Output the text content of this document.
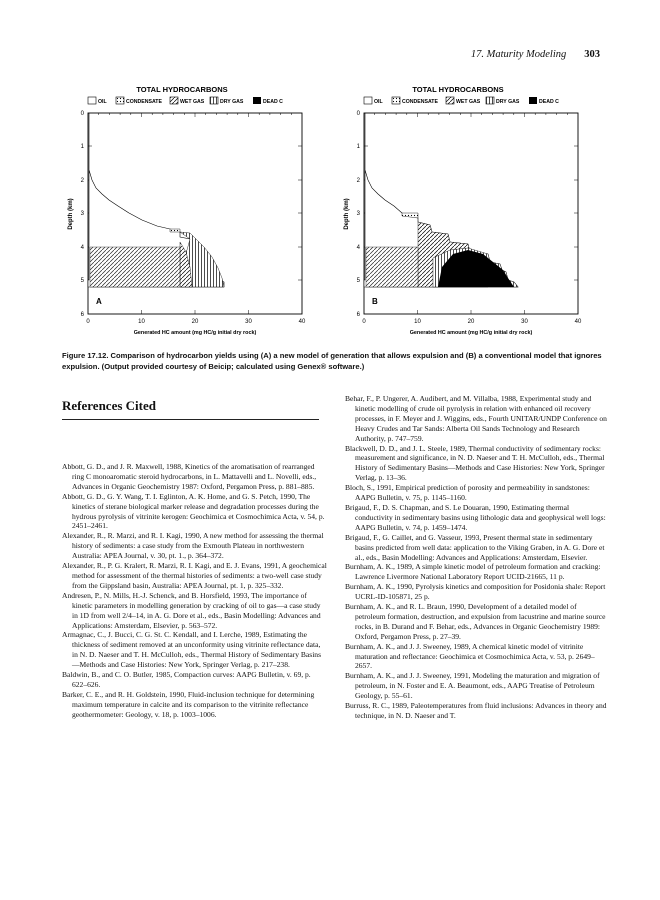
17. Maturity Modeling 303
TOTAL HYDROCARBONS
OIL	CONDENSATE	WET GAS	DRY GAS	DEAD C
A
0
1
2
3
4
5
6
0	10	20	30	40
Generated HC amount (mg HC/g initial dry rock)
Depth (km)
TOTAL HYDROCARBONS
OIL	CONDENSATE	WET GAS	DRY GAS	DEAD C
B
0
1
2
3
4
5
6
0	10	20	30	40
Generated HC amount (mg HC/g initial dry rock)
Depth (km)
Figure 17.12. Comparison of hydrocarbon yields using (A) a new model of generation that allows expulsion and (B) a conventional model that ignores expulsion. (Output provided courtesy of Beicip; calculated using Genex® software.)
References Cited
Abbott, G. D., and J. R. Maxwell, 1988, Kinetics of the aromatisation of rearranged ring C monoaromatic steroid hydrocarbons, in L. Mattavelli and L. Novelli, eds., Advances in Organic Geochemistry 1987: Oxford, Pergamon Press, p. 881–885.
Abbott, G. D., G. Y. Wang, T. I. Eglinton, A. K. Home, and G. S. Petch, 1990, The kinetics of sterane biological marker release and degradation processes during the hydrous pyrolysis of vitrinite kerogen: Geochimica et Cosmochimica Acta, v. 54, p. 2451–2461.
Alexander, R., R. Marzi, and R. I. Kagi, 1990, A new method for assessing the thermal history of sediments: a case study from the Exmouth Plateau in northwestern Australia: APEA Journal, v. 30, pt. 1., p. 364–372.
Alexander, R., P. G. Kralert, R. Marzi, R. I. Kagi, and E. J. Evans, 1991, A geochemical method for assessment of the thermal histories of sediments: a two-well case study from the Gippsland basin, Australia: APEA Journal, pt. 1, p. 325–332.
Andresen, P., N. Mills, H.-J. Schenck, and B. Horsfield, 1993, The importance of kinetic parameters in modelling generation by cracking of oil to gas—a case study in 1D from well 2/4–14, in A. G. Dore et al., eds., Basin Modelling: Advances and Applications: Amsterdam, Elsevier, p. 563–572.
Armagnac, C., J. Bucci, C. G. St. C. Kendall, and I. Lerche, 1989, Estimating the thickness of sediment removed at an unconformity using vitrinite reflectance data, in N. D. Naeser and T. H. McCulloh, eds., Thermal History of Sedimentary Basins—Methods and Case Histories: New York, Springer Verlag, p. 217–238.
Baldwin, B., and C. O. Butler, 1985, Compaction curves: AAPG Bulletin, v. 69, p. 622–626.
Barker, C. E., and R. H. Goldstein, 1990, Fluid-inclusion technique for determining maximum temperature in calcite and its comparison to the vitrinite reflectance geothermometer: Geology, v. 18, p. 1003–1006.
Behar, F., P. Ungerer, A. Audibert, and M. Villalba, 1988, Experimental study and kinetic modelling of crude oil pyrolysis in relation with enhanced oil recovery processes, in F. Meyer and J. Wiggins, eds., Fourth UNITAR/UNDP Conference on Heavy Crudes and Tar Sands: Alberta Oil Sands Technology and Research Authority, p. 747–759.
Blackwell, D. D., and J. L. Steele, 1989, Thermal conductivity of sedimentary rocks: measurement and significance, in N. D. Naeser and T. H. McCulloh, eds., Thermal History of Sedimentary Basins—Methods and Case Histories: New York, Springer Verlag, p. 13–36.
Bloch, S., 1991, Empirical prediction of porosity and permeability in sandstones: AAPG Bulletin, v. 75, p. 1145–1160.
Brigaud, F., D. S. Chapman, and S. Le Douaran, 1990, Estimating thermal conductivity in sedimentary basins using lithologic data and geophysical well logs: AAPG Bulletin, v. 74, p. 1459–1474.
Brigaud, F., G. Caillet, and G. Vasseur, 1993, Present thermal state in sedimentary basins predicted from well data: application to the Viking Graben, in A. G. Dore et al., eds., Basin Modelling: Advances and Applications: Amsterdam, Elsevier.
Burnham, A. K., 1989, A simple kinetic model of petroleum formation and cracking: Lawrence Livermore National Laboratory Report UCID-21665, 11 p.
Burnham, A. K., 1990, Pyrolysis kinetics and composition for Posidonia shale: Report UCRL-ID-105871, 25 p.
Burnham, A. K., and R. L. Braun, 1990, Development of a detailed model of petroleum formation, destruction, and expulsion from lacustrine and marine source rocks, in B. Durand and F. Behar, eds., Advances in Organic Geochemistry 1989: Oxford, Pergamon Press, p. 27–39.
Burnham, A. K., and J. J. Sweeney, 1989, A chemical kinetic model of vitrinite maturation and reflectance: Geochimica et Cosmochimica Acta, v. 53, p. 2649–2657.
Burnham, A. K., and J. J. Sweeney, 1991, Modeling the maturation and migration of petroleum, in N. Foster and E. A. Beaumont, eds., AAPG Treatise of Petroleum Geology, p. 55–61.
Burruss, R. C., 1989, Paleotemperatures from fluid inclusions: Advances in theory and technique, in N. D. Naeser and T.
